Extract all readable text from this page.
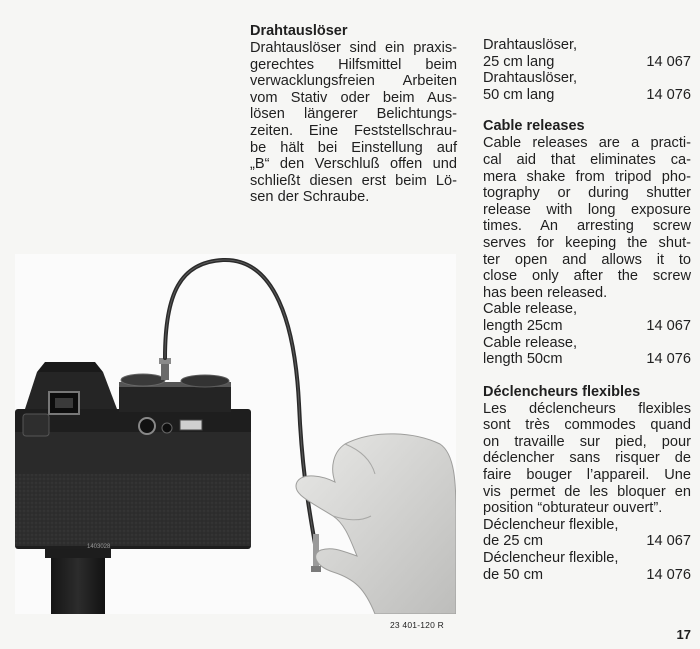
Drahtauslöser
Drahtauslöser sind ein praxis-
gerechtes Hilfsmittel beim
verwacklungsfreien Arbeiten
vom Stativ oder beim Aus-
lösen längerer Belichtungs-
zeiten. Eine Feststellschrau-
be hält bei Einstellung auf
„B“ den Verschluß offen und
schließt diesen erst beim Lö-
sen der Schraube.
Drahtauslöser,
25 cm lang	14 067
Drahtauslöser,
50 cm lang	14 076
Cable releases
Cable releases are a practi-
cal aid that eliminates ca-
mera shake from tripod pho-
tography or during shutter
release with long exposure
times. An arresting screw
serves for keeping the shut-
ter open and allows it to
close only after the screw
has been released.
Cable release,
length 25cm	14 067
Cable release,
length 50cm	14 076
Déclencheurs flexibles
Les déclencheurs flexibles
sont très commodes quand
on travaille sur pied, pour
déclencher sans risquer de
faire bouger l’appareil. Une
vis permet de les bloquer en
position “obturateur ouvert”.
Déclencheur flexible,
de 25 cm	14 067
Déclencheur flexible,
de 50 cm	14 076
1403028
23 401-120 R
17
